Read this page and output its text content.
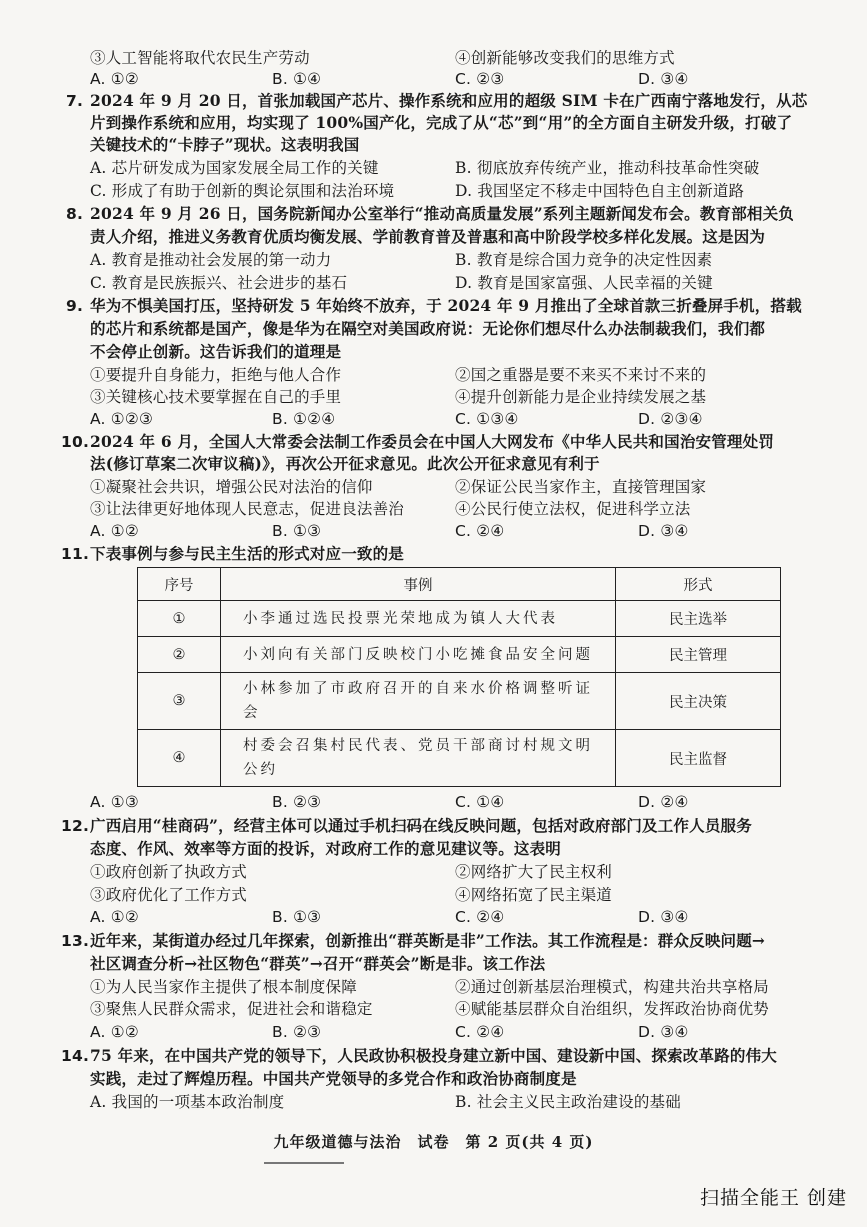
③人工智能将取代农民生产劳动	④创新能够改变我们的思维方式
A. ①②	B. ①④	C. ②③	D. ③④
7. 2024 年 9 月 20 日，首张加载国产芯片、操作系统和应用的超级 SIM 卡在广西南宁落地发行，从芯
片到操作系统和应用，均实现了 100%国产化，完成了从“芯”到“用”的全方面自主研发升级，打破了
关键技术的“卡脖子”现状。这表明我国
A. 芯片研发成为国家发展全局工作的关键	B. 彻底放弃传统产业，推动科技革命性突破
C. 形成了有助于创新的舆论氛围和法治环境	D. 我国坚定不移走中国特色自主创新道路
8. 2024 年 9 月 26 日，国务院新闻办公室举行“推动高质量发展”系列主题新闻发布会。教育部相关负
责人介绍，推进义务教育优质均衡发展、学前教育普及普惠和高中阶段学校多样化发展。这是因为
A. 教育是推动社会发展的第一动力	B. 教育是综合国力竞争的决定性因素
C. 教育是民族振兴、社会进步的基石	D. 教育是国家富强、人民幸福的关键
9. 华为不惧美国打压，坚持研发 5 年始终不放弃，于 2024 年 9 月推出了全球首款三折叠屏手机，搭载
的芯片和系统都是国产，像是华为在隔空对美国政府说：无论你们想尽什么办法制裁我们，我们都
不会停止创新。这告诉我们的道理是
①要提升自身能力，拒绝与他人合作	②国之重器是要不来买不来讨不来的
③关键核心技术要掌握在自己的手里	④提升创新能力是企业持续发展之基
A. ①②③	B. ①②④	C. ①③④	D. ②③④
10. 2024 年 6 月，全国人大常委会法制工作委员会在中国人大网发布《中华人民共和国治安管理处罚
法(修订草案二次审议稿)》，再次公开征求意见。此次公开征求意见有利于
①凝聚社会共识，增强公民对法治的信仰	②保证公民当家作主，直接管理国家
③让法律更好地体现人民意志，促进良法善治	④公民行使立法权，促进科学立法
A. ①②	B. ①③	C. ②④	D. ③④
11. 下表事例与参与民主生活的形式对应一致的是
序号	事例	形式
①	小李通过选民投票光荣地成为镇人大代表	民主选举
②	小刘向有关部门反映校门小吃摊食品安全问题	民主管理
③	小林参加了市政府召开的自来水价格调整听证会	民主决策
④	村委会召集村民代表、党员干部商讨村规文明公约	民主监督
A. ①③	B. ②③	C. ①④	D. ②④
12. 广西启用“桂商码”，经营主体可以通过手机扫码在线反映问题，包括对政府部门及工作人员服务
态度、作风、效率等方面的投诉，对政府工作的意见建议等。这表明
①政府创新了执政方式	②网络扩大了民主权利
③政府优化了工作方式	④网络拓宽了民主渠道
A. ①②	B. ①③	C. ②④	D. ③④
13. 近年来，某街道办经过几年探索，创新推出“群英断是非”工作法。其工作流程是：群众反映问题→
社区调查分析→社区物色“群英”→召开“群英会”断是非。该工作法
①为人民当家作主提供了根本制度保障	②通过创新基层治理模式，构建共治共享格局
③聚焦人民群众需求，促进社会和谐稳定	④赋能基层群众自治组织，发挥政治协商优势
A. ①②	B. ②③	C. ②④	D. ③④
14. 75 年来，在中国共产党的领导下，人民政协积极投身建立新中国、建设新中国、探索改革路的伟大
实践，走过了辉煌历程。中国共产党领导的多党合作和政治协商制度是
A. 我国的一项基本政治制度	B. 社会主义民主政治建设的基础
九年级道德与法治　试卷　第 2 页(共 4 页)
扫描全能王 创建
